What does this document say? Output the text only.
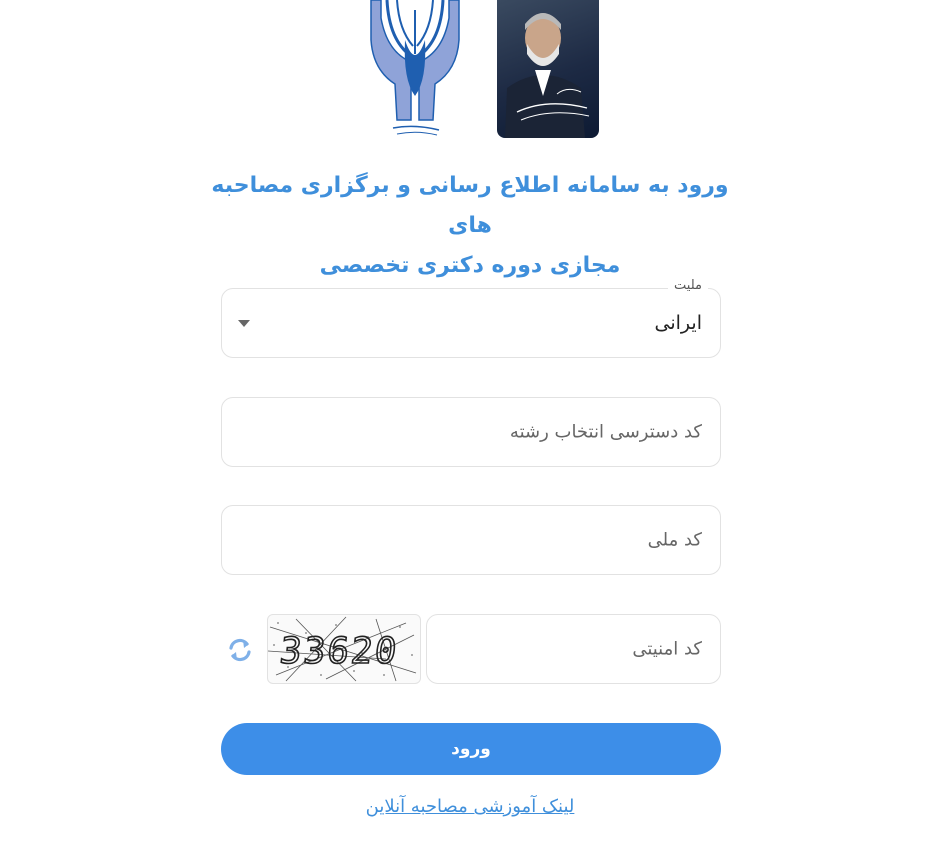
ورود به سامانه اطلاع رسانی و برگزاری مصاحبه های
مجازی دوره دکتری تخصصی
ملیت
ایرانی
کد دسترسی انتخاب رشته
کد ملی
کد امنیتی
33620
ورود
لینک آموزشی مصاحبه آنلاین
